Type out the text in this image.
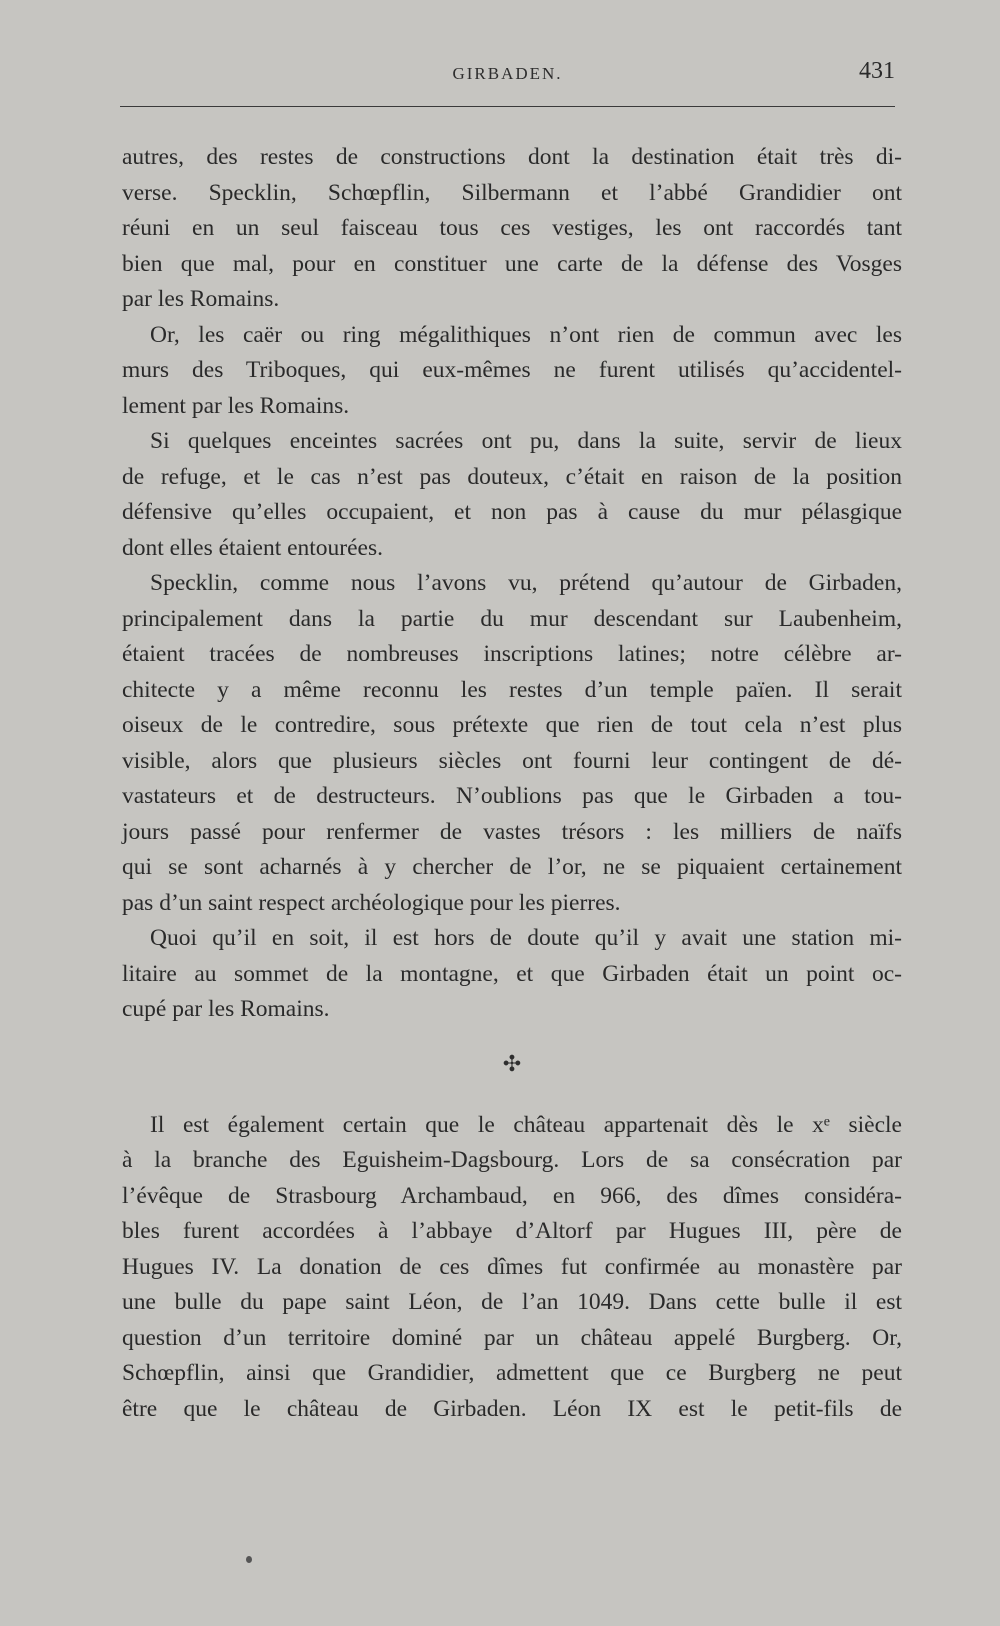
GIRBADEN.	431
autres, des restes de constructions dont la destination était très di-
verse. Specklin, Schœpflin, Silbermann et l’abbé Grandidier ont
réuni en un seul faisceau tous ces vestiges, les ont raccordés tant
bien que mal, pour en constituer une carte de la défense des Vosges
par les Romains.
Or, les caër ou ring mégalithiques n’ont rien de commun avec les
murs des Triboques, qui eux-mêmes ne furent utilisés qu’accidentel-
lement par les Romains.
Si quelques enceintes sacrées ont pu, dans la suite, servir de lieux
de refuge, et le cas n’est pas douteux, c’était en raison de la position
défensive qu’elles occupaient, et non pas à cause du mur pélasgique
dont elles étaient entourées.
Specklin, comme nous l’avons vu, prétend qu’autour de Girbaden,
principalement dans la partie du mur descendant sur Laubenheim,
étaient tracées de nombreuses inscriptions latines; notre célèbre ar-
chitecte y a même reconnu les restes d’un temple païen. Il serait
oiseux de le contredire, sous prétexte que rien de tout cela n’est plus
visible, alors que plusieurs siècles ont fourni leur contingent de dé-
vastateurs et de destructeurs. N’oublions pas que le Girbaden a tou-
jours passé pour renfermer de vastes trésors : les milliers de naïfs
qui se sont acharnés à y chercher de l’or, ne se piquaient certainement
pas d’un saint respect archéologique pour les pierres.
Quoi qu’il en soit, il est hors de doute qu’il y avait une station mi-
litaire au sommet de la montagne, et que Girbaden était un point oc-
cupé par les Romains.
✣
Il est également certain que le château appartenait dès le xᵉ siècle
à la branche des Eguisheim-Dagsbourg. Lors de sa consécration par
l’évêque de Strasbourg Archambaud, en 966, des dîmes considéra-
bles furent accordées à l’abbaye d’Altorf par Hugues III, père de
Hugues IV. La donation de ces dîmes fut confirmée au monastère par
une bulle du pape saint Léon, de l’an 1049. Dans cette bulle il est
question d’un territoire dominé par un château appelé Burgberg. Or,
Schœpflin, ainsi que Grandidier, admettent que ce Burgberg ne peut
être que le château de Girbaden. Léon IX est le petit-fils de
